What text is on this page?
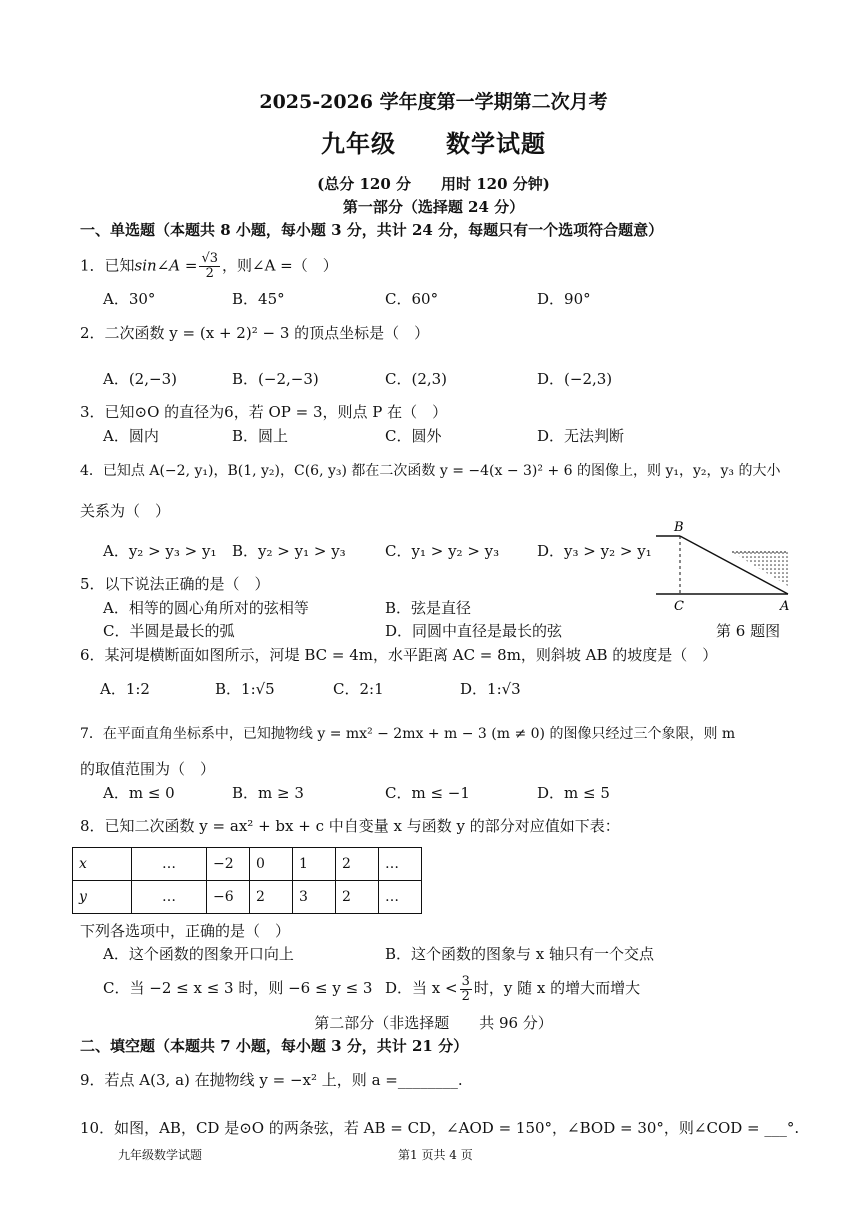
2025-2026 学年度第一学期第二次月考
九年级　　数学试题
(总分 120 分　　用时 120 分钟)
第一部分（选择题 24 分）
一、单选题（本题共 8 小题，每小题 3 分，共计 24 分，每题只有一个选项符合题意）
1．已知sin∠A = $\frac{√3}{2}$ ，则∠A =（　）
A．30°	B．45°	C．60°	D．90°
2．二次函数 y = (x + 2)² − 3 的顶点坐标是（　）
A．(2,−3)	B．(−2,−3)	C．(2,3)	D．(−2,3)
3．已知⊙O 的直径为6，若 OP = 3，则点 P 在（　）
A．圆内	B．圆上	C．圆外	D．无法判断
4．已知点 A(−2, y₁)，B(1, y₂)，C(6, y₃) 都在二次函数 y = −4(x − 3)² + 6 的图像上，则 y₁，y₂，y₃ 的大小
关系为（　）
A．y₂ > y₃ > y₁ B．y₂ > y₁ > y₃	C．y₁ > y₂ > y₃	D．y₃ > y₂ > y₁
B
C	A
5．以下说法正确的是（　）
A．相等的圆心角所对的弦相等	B．弦是直径
C．半圆是最长的弧	D．同圆中直径是最长的弦	第 6 题图
6．某河堤横断面如图所示，河堤 BC = 4m，水平距离 AC = 8m，则斜坡 AB 的坡度是（　）
A．1:2	B．1:√5	C．2:1	D．1:√3
7．在平面直角坐标系中，已知抛物线 y = mx² − 2mx + m − 3 (m ≠ 0) 的图像只经过三个象限，则 m
的取值范围为（　）
A．m ≤ 0	B．m ≥ 3	C．m ≤ −1	D．m ≤ 5
8．已知二次函数 y = ax² + bx + c 中自变量 x 与函数 y 的部分对应值如下表：
x	…	−2	0	1	2	…
y	…	−6	2	3	2	…
下列各选项中，正确的是（　）
A．这个函数的图象开口向上	B．这个函数的图象与 x 轴只有一个交点
C．当 −2 ≤ x ≤ 3 时，则 −6 ≤ y ≤ 3 D．当 $x < \frac{3}{2}$ 时，y 随 x 的增大而增大
第二部分（非选择题　　共 96 分）
二、填空题（本题共 7 小题，每小题 3 分，共计 21 分）
9．若点 A(3, a) 在抛物线 y = −x² 上，则 a =________.
10．如图，AB，CD 是⊙O 的两条弦，若 AB = CD，∠AOD = 150°，∠BOD = 30°，则∠COD = ___°.
九年级数学试题	第1 页共 4 页
